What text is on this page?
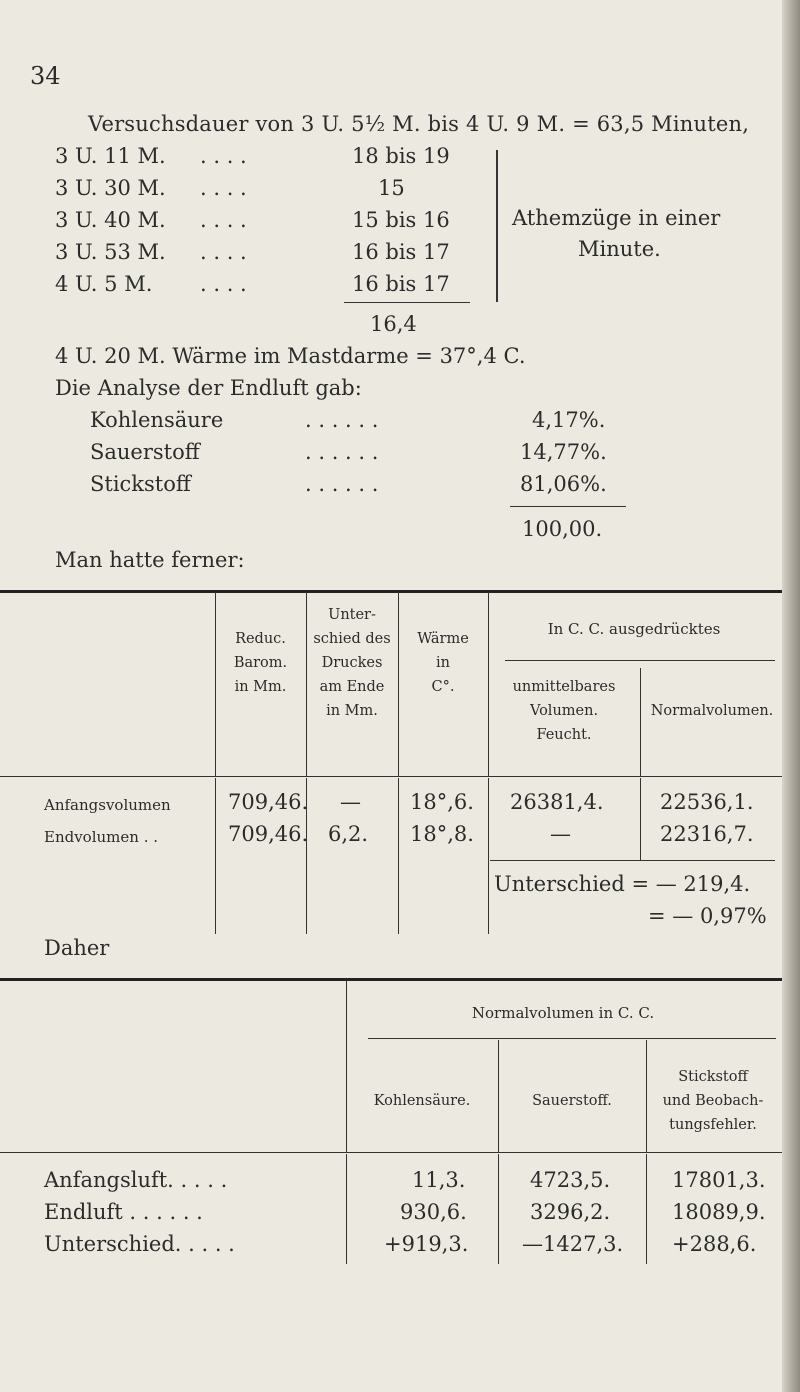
34
Versuchsdauer von 3 U. 5½ M. bis 4 U. 9 M. = 63,5 Minuten,
3 U. 11 M. . . . .	18 bis 19
3 U. 30 M. . . . .	15
3 U. 40 M. . . . .	15 bis 16
3 U. 53 M. . . . .	16 bis 17
4 U. 5 M. . . . .	16 bis 17
Athemzüge in einer
Minute.
16,4
4 U. 20 M. Wärme im Mastdarme = 37°,4 C.
Die Analyse der Endluft gab:
Kohlensäure	. . . . . .	4,17%.
Sauerstoff	. . . . . .	14,77%.
Stickstoff	. . . . . .	81,06%.
100,00.
Man hatte ferner:
Reduc.
Barom.
in Mm.
Unter-
schied des
Druckes
am Ende
in Mm.
Wärme
in
C°.
In C. C. ausgedrücktes
unmittelbares
Volumen.
Feucht.
Normalvolumen.
Anfangsvolumen	709,46. — 18°,6. 26381,4.	22536,1.
Endvolumen . .	709,46. 6,2. 18°,8.	—	22316,7.
Unterschied = — 219,4.
= — 0,97%
Daher
Normalvolumen in C. C.
Kohlensäure.	Sauerstoff.
Stickstoff
und Beobach-
tungsfehler.
Anfangsluft. . . . .	11,3.	4723,5.	17801,3.
Endluft . . . . . .	930,6.	3296,2.	18089,9.
Unterschied. . . . .	+919,3.	—1427,3. +288,6.
